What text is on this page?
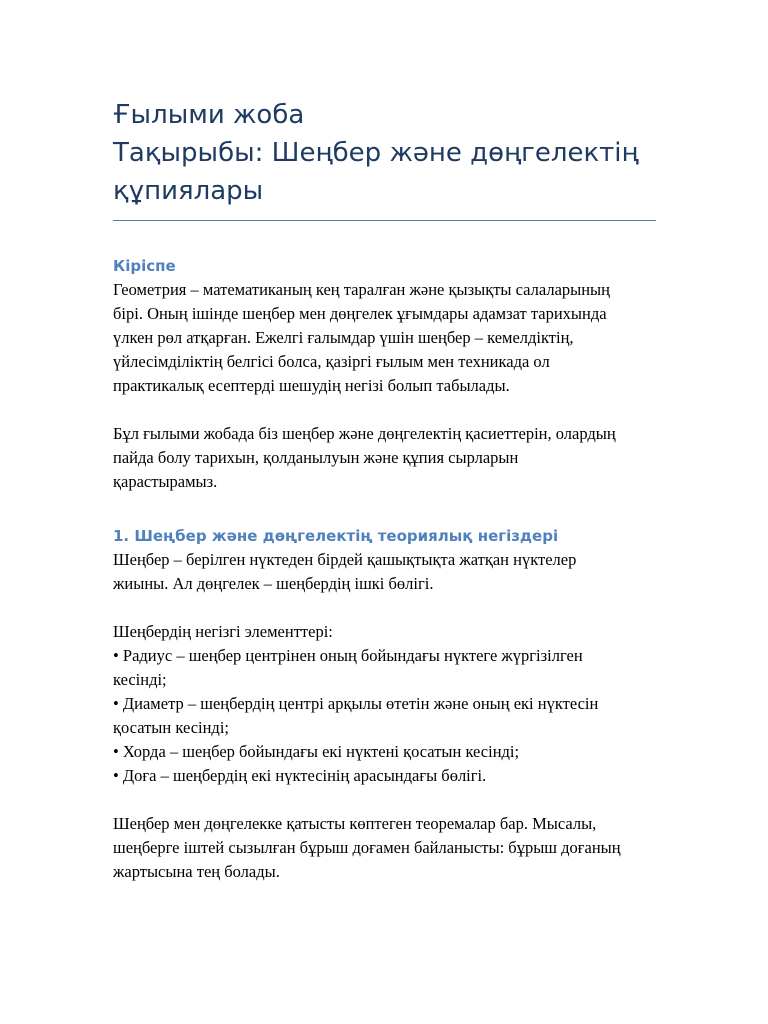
Ғылыми жоба

Тақырыбы: Шеңбер және дөңгелектің

құпиялары

Кіріспе

Геометрия – математиканың кең таралған және қызықты салаларының
бірі. Оның ішінде шеңбер мен дөңгелек ұғымдары адамзат тарихында
үлкен рөл атқарған. Ежелгі ғалымдар үшін шеңбер – кемелдіктің,
үйлесімділіктің белгісі болса, қазіргі ғылым мен техникада ол
практикалық есептерді шешудің негізі болып табылады.

Бұл ғылыми жобада біз шеңбер және дөңгелектің қасиеттерін, олардың
пайда болу тарихын, қолданылуын және құпия сырларын
қарастырамыз.

1. Шеңбер және дөңгелектің теориялық негіздері

Шеңбер – берілген нүктеден бірдей қашықтықта жатқан нүктелер
жиыны. Ал дөңгелек – шеңбердің ішкі бөлігі.

Шеңбердің негізгі элементтері:
• Радиус – шеңбер центрінен оның бойындағы нүктеге жүргізілген
кесінді;
• Диаметр – шеңбердің центрі арқылы өтетін және оның екі нүктесін
қосатын кесінді;
• Хорда – шеңбер бойындағы екі нүктені қосатын кесінді;
• Доға – шеңбердің екі нүктесінің арасындағы бөлігі.

Шеңбер мен дөңгелекке қатысты көптеген теоремалар бар. Мысалы,
шеңберге іштей сызылған бұрыш доғамен байланысты: бұрыш доғаның
жартысына тең болады.
